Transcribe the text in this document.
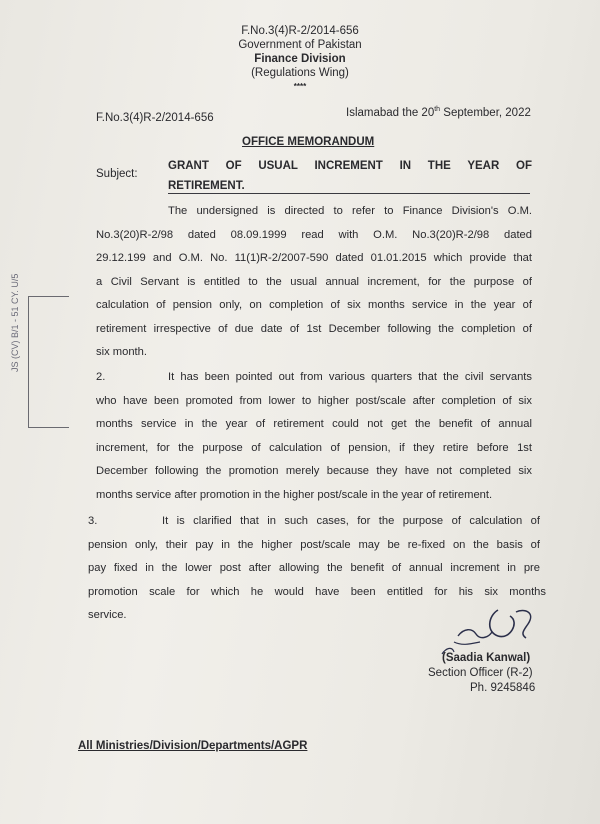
F.No.3(4)R-2/2014-656
Government of Pakistan
Finance Division
(Regulations Wing)
****
F.No.3(4)R-2/2014-656	Islamabad the 20th September, 2022
OFFICE MEMORANDUM
Subject:
GRANT OF USUAL INCREMENT IN THE YEAR OF
RETIREMENT.
The undersigned is directed to refer to Finance Division's O.M.
No.3(20)R-2/98 dated 08.09.1999 read with O.M. No.3(20)R-2/98 dated
29.12.199 and O.M. No. 11(1)R-2/2007-590 dated 01.01.2015 which provide that
a Civil Servant is entitled to the usual annual increment, for the purpose of
calculation of pension only, on completion of six months service in the year of
retirement irrespective of due date of 1st December following the completion of
six month.
2.	It has been pointed out from various quarters that the civil servants
who have been promoted from lower to higher post/scale after completion of six
months service in the year of retirement could not get the benefit of annual
increment, for the purpose of calculation of pension, if they retire before 1st
December following the promotion merely because they have not completed six
months service after promotion in the higher post/scale in the year of retirement.
3.	It is clarified that in such cases, for the purpose of calculation of
pension only, their pay in the higher post/scale may be re-fixed on the basis of
pay fixed in the lower post after allowing the benefit of annual increment in pre
promotion scale for which he would have been entitled for his six months
service.
(Saadia Kanwal)
Section Officer (R-2)
Ph. 9245846
All Ministries/Division/Departments/AGPR
JS (CV) B/1 - 51 CY. U/5
